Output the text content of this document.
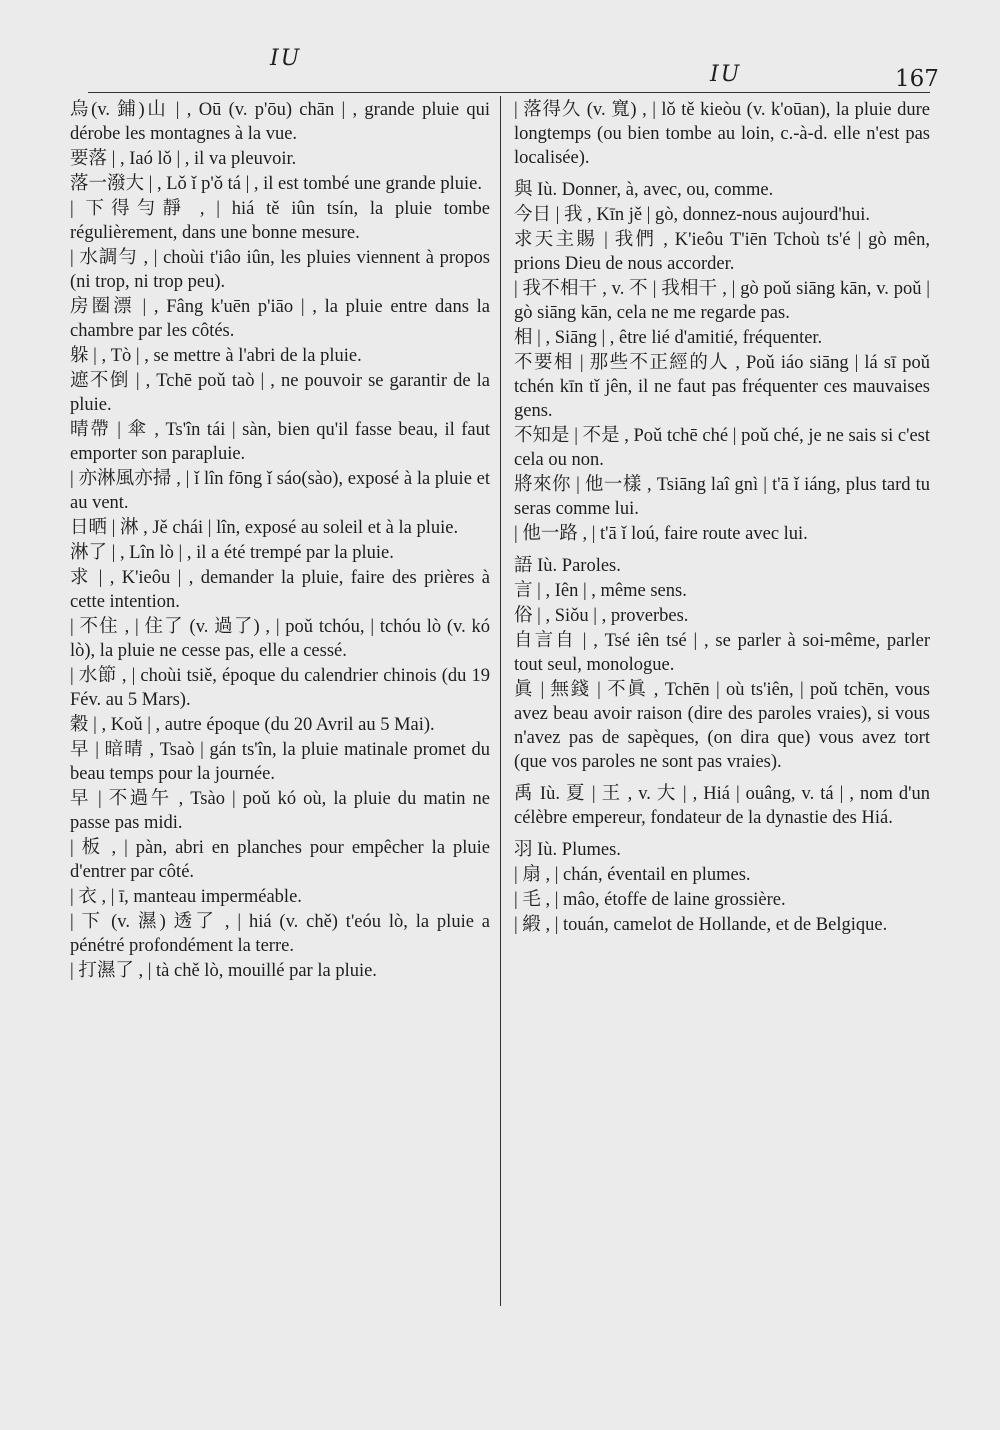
IU
IU	167
烏(v. 鋪)山 | , Oū (v. p'ōu) chān | , grande pluie qui dérobe les montagnes à la vue.
要落 | , Iaó lǒ | , il va pleuvoir.
落一潑大 | , Lǒ ǐ p'ǒ tá | , il est tombé une grande pluie.
| 下得勻靜 , | hiá tě iûn tsín, la pluie tombe régulièrement, dans une bonne mesure.
| 水調勻 , | choùi t'iâo iûn, les pluies viennent à propos (ni trop, ni trop peu).
房圈漂 | , Fâng k'uēn p'iāo | , la pluie entre dans la chambre par les côtés.
躲 | , Tò | , se mettre à l'abri de la pluie.
遮不倒 | , Tchē poǔ taò | , ne pouvoir se garantir de la pluie.
晴帶 | 傘 , Ts'în tái | sàn, bien qu'il fasse beau, il faut emporter son parapluie.
| 亦淋風亦掃 , | ǐ lîn fōng ǐ sáo(sào), exposé à la pluie et au vent.
日晒 | 淋 , Jě chái | lîn, exposé au soleil et à la pluie.
淋了 | , Lîn lò | , il a été trempé par la pluie.
求 | , K'ieôu | , demander la pluie, faire des prières à cette intention.
| 不住 , | 住了 (v. 過了) , | poǔ tchóu, | tchóu lò (v. kó lò), la pluie ne cesse pas, elle a cessé.
| 水節 , | choùi tsiě, époque du calendrier chinois (du 19 Fév. au 5 Mars).
穀 | , Koǔ | , autre époque (du 20 Avril au 5 Mai).
早 | 暗晴 , Tsaò | gán ts'în, la pluie matinale promet du beau temps pour la journée.
早 | 不過午 , Tsào | poǔ kó où, la pluie du matin ne passe pas midi.
| 板 , | pàn, abri en planches pour empêcher la pluie d'entrer par côté.
| 衣 , | ī, manteau imperméable.
| 下 (v. 濕) 透了 , | hiá (v. chě) t'eóu lò, la pluie a pénétré profondément la terre.
| 打濕了 , | tà chě lò, mouillé par la pluie.
| 落得久 (v. 寬) , | lǒ tě kieòu (v. k'oūan), la pluie dure longtemps (ou bien tombe au loin, c.-à-d. elle n'est pas localisée).
與 Iù. Donner, à, avec, ou, comme.
今日 | 我 , Kīn jě | gò, donnez-nous aujourd'hui.
求天主賜 | 我們 , K'ieôu T'iēn Tchoù ts'é | gò mên, prions Dieu de nous accorder.
| 我不相干 , v. 不 | 我相干 , | gò poǔ siāng kān, v. poǔ | gò siāng kān, cela ne me regarde pas.
相 | , Siāng | , être lié d'amitié, fréquenter.
不要相 | 那些不正經的人 , Poǔ iáo siāng | lá sī poǔ tchén kīn tǐ jên, il ne faut pas fréquenter ces mauvaises gens.
不知是 | 不是 , Poǔ tchē ché | poǔ ché, je ne sais si c'est cela ou non.
將來你 | 他一樣 , Tsiāng laî gnì | t'ā ǐ iáng, plus tard tu seras comme lui.
| 他一路 , | t'ā ǐ loú, faire route avec lui.
語 Iù. Paroles.
言 | , Iên | , même sens.
俗 | , Siǒu | , proverbes.
自言自 | , Tsé iên tsé | , se parler à soi-même, parler tout seul, monologue.
眞 | 無錢 | 不眞 , Tchēn | où ts'iên, | poǔ tchēn, vous avez beau avoir raison (dire des paroles vraies), si vous n'avez pas de sapèques, (on dira que) vous avez tort (que vos paroles ne sont pas vraies).
禹 Iù. 夏 | 王 , v. 大 | , Hiá | ouâng, v. tá | , nom d'un célèbre empereur, fondateur de la dynastie des Hiá.
羽 Iù. Plumes.
| 扇 , | chán, éventail en plumes.
| 毛 , | mâo, étoffe de laine grossière.
| 緞 , | touán, camelot de Hollande, et de Belgique.
